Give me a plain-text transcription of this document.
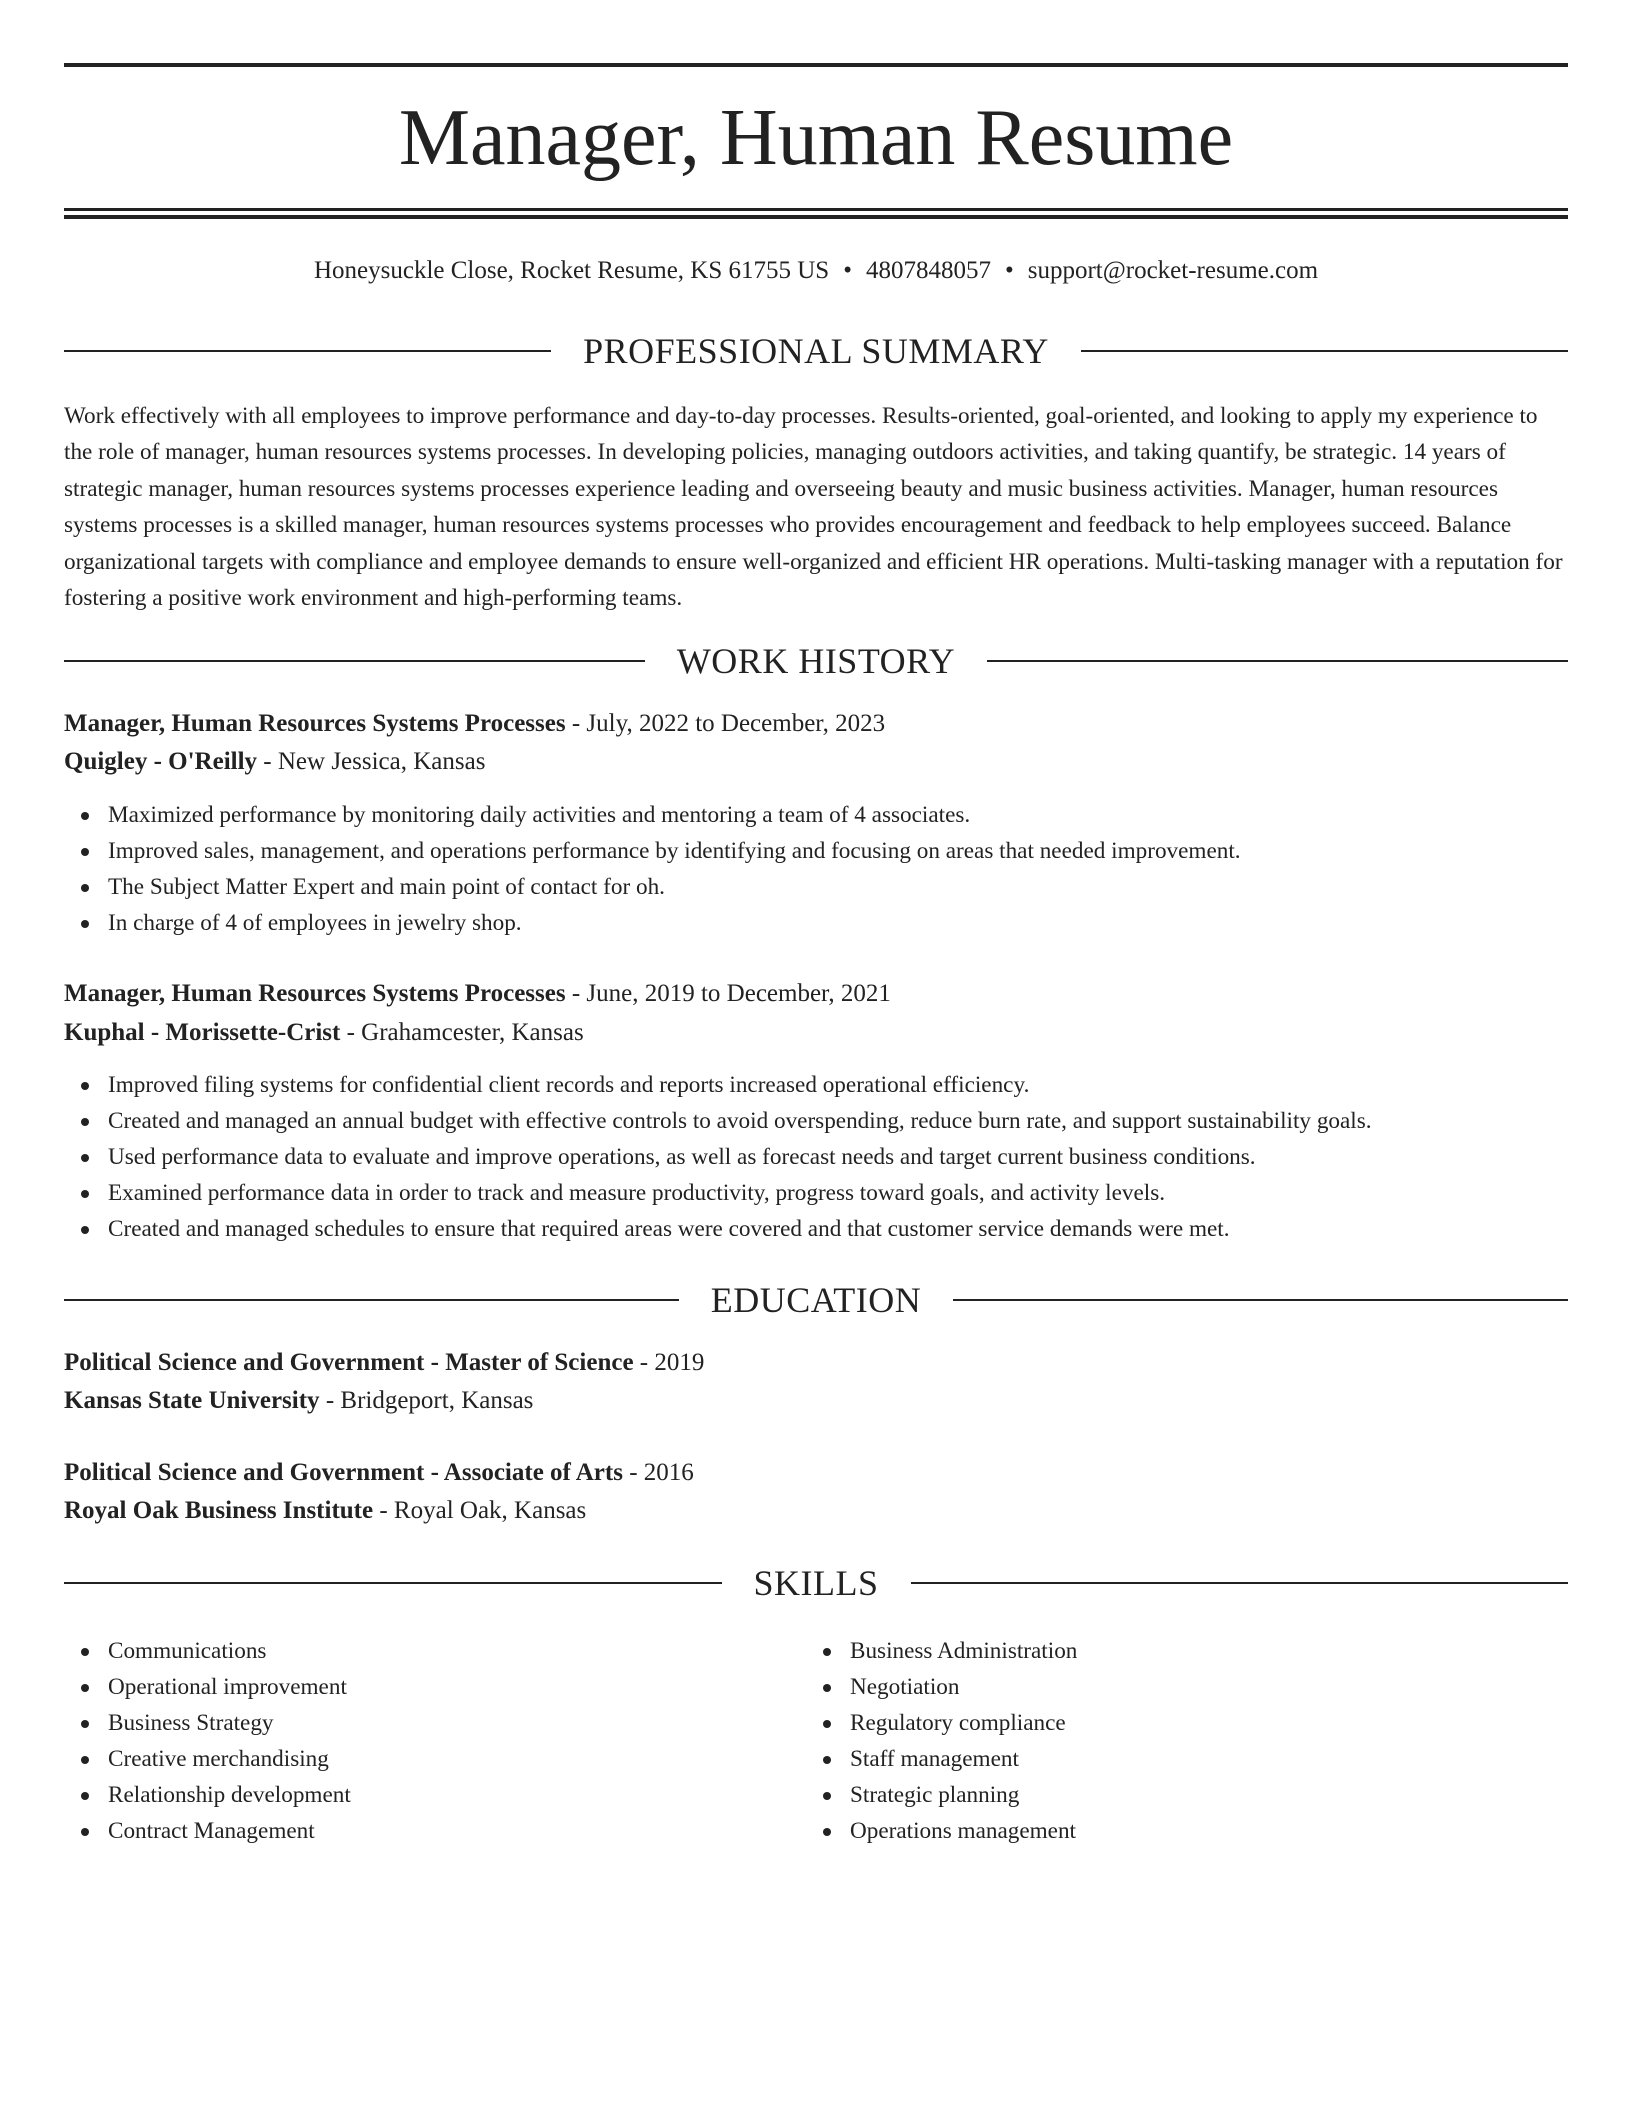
Manager, Human Resume
Honeysuckle Close, Rocket Resume, KS 61755 US • 4807848057 • support@rocket-resume.com
PROFESSIONAL SUMMARY

Work effectively with all employees to improve performance and day-to-day processes. Results-oriented, goal-oriented, and looking to apply my experience to the role of manager, human resources systems processes. In developing policies, managing outdoors activities, and taking quantify, be strategic. 14 years of strategic manager, human resources systems processes experience leading and overseeing beauty and music business activities. Manager, human resources systems processes is a skilled manager, human resources systems processes who provides encouragement and feedback to help employees succeed. Balance organizational targets with compliance and employee demands to ensure well-organized and efficient HR operations. Multi-tasking manager with a reputation for fostering a positive work environment and high-performing teams.

WORK HISTORY
Manager, Human Resources Systems Processes - July, 2022 to December, 2023
Quigley - O'Reilly - New Jessica, Kansas
Maximized performance by monitoring daily activities and mentoring a team of 4 associates.
Improved sales, management, and operations performance by identifying and focusing on areas that needed improvement.
The Subject Matter Expert and main point of contact for oh.
In charge of 4 of employees in jewelry shop.
Manager, Human Resources Systems Processes - June, 2019 to December, 2021
Kuphal - Morissette-Crist - Grahamcester, Kansas
Improved filing systems for confidential client records and reports increased operational efficiency.
Created and managed an annual budget with effective controls to avoid overspending, reduce burn rate, and support sustainability goals.
Used performance data to evaluate and improve operations, as well as forecast needs and target current business conditions.
Examined performance data in order to track and measure productivity, progress toward goals, and activity levels.
Created and managed schedules to ensure that required areas were covered and that customer service demands were met.
EDUCATION
Political Science and Government - Master of Science - 2019
Kansas State University - Bridgeport, Kansas
Political Science and Government - Associate of Arts - 2016
Royal Oak Business Institute - Royal Oak, Kansas
SKILLS
Communications
Operational improvement
Business Strategy
Creative merchandising
Relationship development
Contract Management
Business Administration
Negotiation
Regulatory compliance
Staff management
Strategic planning
Operations management
